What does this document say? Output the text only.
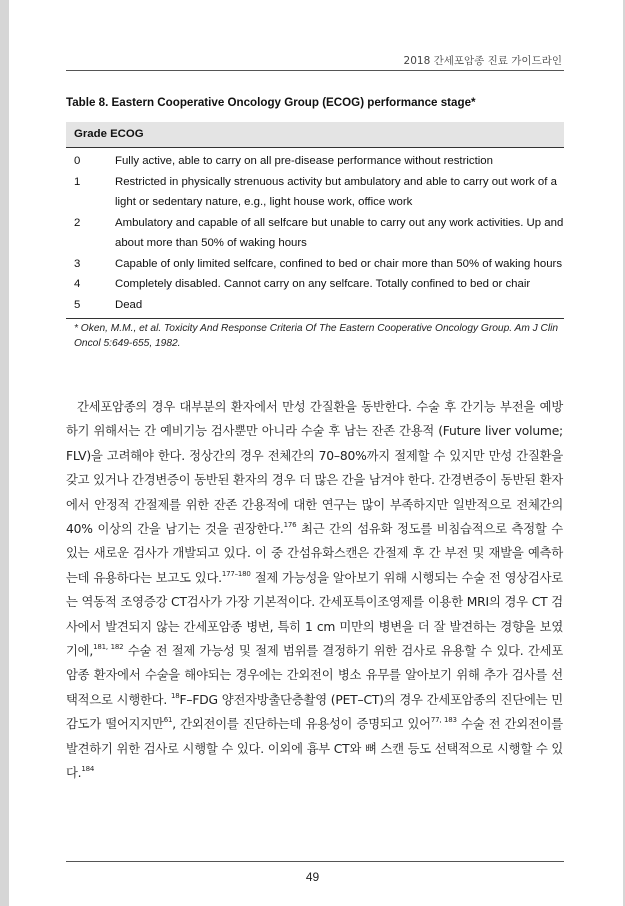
2018 간세포암종 진료 가이드라인
Table 8. Eastern Cooperative Oncology Group (ECOG) performance stage*
Grade ECOG
0	Fully active, able to carry on all pre-disease performance without restriction
1	Restricted in physically strenuous activity but ambulatory and able to carry out work of a light or sedentary nature, e.g., light house work, office work
2	Ambulatory and capable of all selfcare but unable to carry out any work activities. Up and about more than 50% of waking hours
3	Capable of only limited selfcare, confined to bed or chair more than 50% of waking hours
4	Completely disabled. Cannot carry on any selfcare. Totally confined to bed or chair
5	Dead
* Oken, M.M., et al. Toxicity And Response Criteria Of The Eastern Cooperative Oncology Group. Am J Clin Oncol 5:649-655, 1982.
간세포암종의 경우 대부분의 환자에서 만성 간질환을 동반한다. 수술 후 간기능 부전을 예방하기 위해서는 간 예비기능 검사뿐만 아니라 수술 후 남는 잔존 간용적 (Future liver volume; FLV)을 고려해야 한다. 정상간의 경우 전체간의 70–80%까지 절제할 수 있지만 만성 간질환을 갖고 있거나 간경변증이 동반된 환자의 경우 더 많은 간을 남겨야 한다. 간경변증이 동반된 환자에서 안정적 간절제를 위한 잔존 간용적에 대한 연구는 많이 부족하지만 일반적으로 전체간의 40% 이상의 간을 남기는 것을 권장한다.$^{176}$ 최근 간의 섬유화 정도를 비침습적으로 측정할 수 있는 새로운 검사가 개발되고 있다. 이 중 간섬유화스캔은 간절제 후 간 부전 및 재발을 예측하는데 유용하다는 보고도 있다.$^{177-180}$ 절제 가능성을 알아보기 위해 시행되는 수술 전 영상검사로는 역동적 조영증강 CT검사가 가장 기본적이다. 간세포특이조영제를 이용한 MRI의 경우 CT 검사에서 발견되지 않는 간세포암종 병변, 특히 1 cm 미만의 병변을 더 잘 발견하는 경향을 보였기에,$^{181, 182}$ 수술 전 절제 가능성 및 절제 범위를 결정하기 위한 검사로 유용할 수 있다. 간세포암종 환자에서 수술을 해야되는 경우에는 간외전이 병소 유무를 알아보기 위해 추가 검사를 선택적으로 시행한다. $^{18}$F–FDG 양전자방출단층촬영 (PET–CT)의 경우 간세포암종의 진단에는 민감도가 떨어지지만$^{61}$, 간외전이를 진단하는데 유용성이 증명되고 있어$^{77, 183}$ 수술 전 간외전이를 발견하기 위한 검사로 시행할 수 있다. 이외에 흉부 CT와 뼈 스캔 등도 선택적으로 시행할 수 있다.$^{184}$
49
